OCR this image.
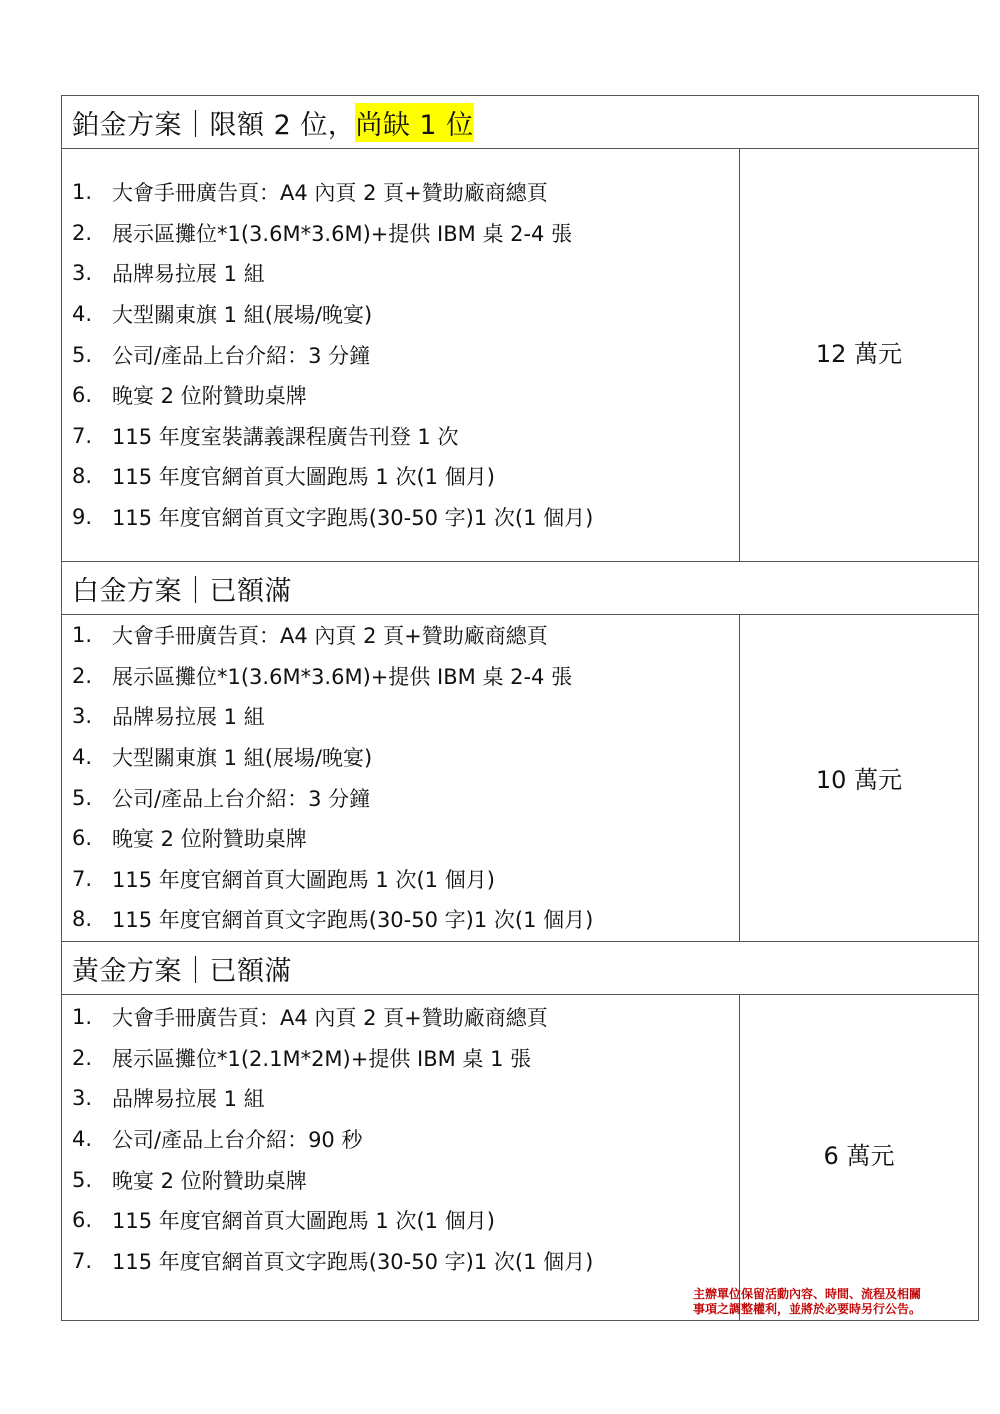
鉑金方案｜限額 2 位， 尚缺 1 位
1. 大會手冊廣告頁：A4 內頁 2 頁+贊助廠商總頁
2. 展示區攤位*1(3.6M*3.6M)+提供 IBM 桌 2-4 張
3. 品牌易拉展 1 組
4. 大型關東旗 1 組(展場/晚宴)
5. 公司/產品上台介紹：3 分鐘
6. 晚宴 2 位附贊助桌牌
7. 115 年度室裝講義課程廣告刊登 1 次
8. 115 年度官網首頁大圖跑馬 1 次(1 個月)
9. 115 年度官網首頁文字跑馬(30-50 字)1 次(1 個月)
12 萬元
白金方案｜已額滿
1. 大會手冊廣告頁：A4 內頁 2 頁+贊助廠商總頁
2. 展示區攤位*1(3.6M*3.6M)+提供 IBM 桌 2-4 張
3. 品牌易拉展 1 組
4. 大型關東旗 1 組(展場/晚宴)
5. 公司/產品上台介紹：3 分鐘
6. 晚宴 2 位附贊助桌牌
7. 115 年度官網首頁大圖跑馬 1 次(1 個月)
8. 115 年度官網首頁文字跑馬(30-50 字)1 次(1 個月)
10 萬元
黃金方案｜已額滿
1. 大會手冊廣告頁：A4 內頁 2 頁+贊助廠商總頁
2. 展示區攤位*1(2.1M*2M)+提供 IBM 桌 1 張
3. 品牌易拉展 1 組
4. 公司/產品上台介紹：90 秒
5. 晚宴 2 位附贊助桌牌
6. 115 年度官網首頁大圖跑馬 1 次(1 個月)
7. 115 年度官網首頁文字跑馬(30-50 字)1 次(1 個月)
6 萬元
主辦單位保留活動內容、時間、流程及相關
事項之調整權利，並將於必要時另行公告。
